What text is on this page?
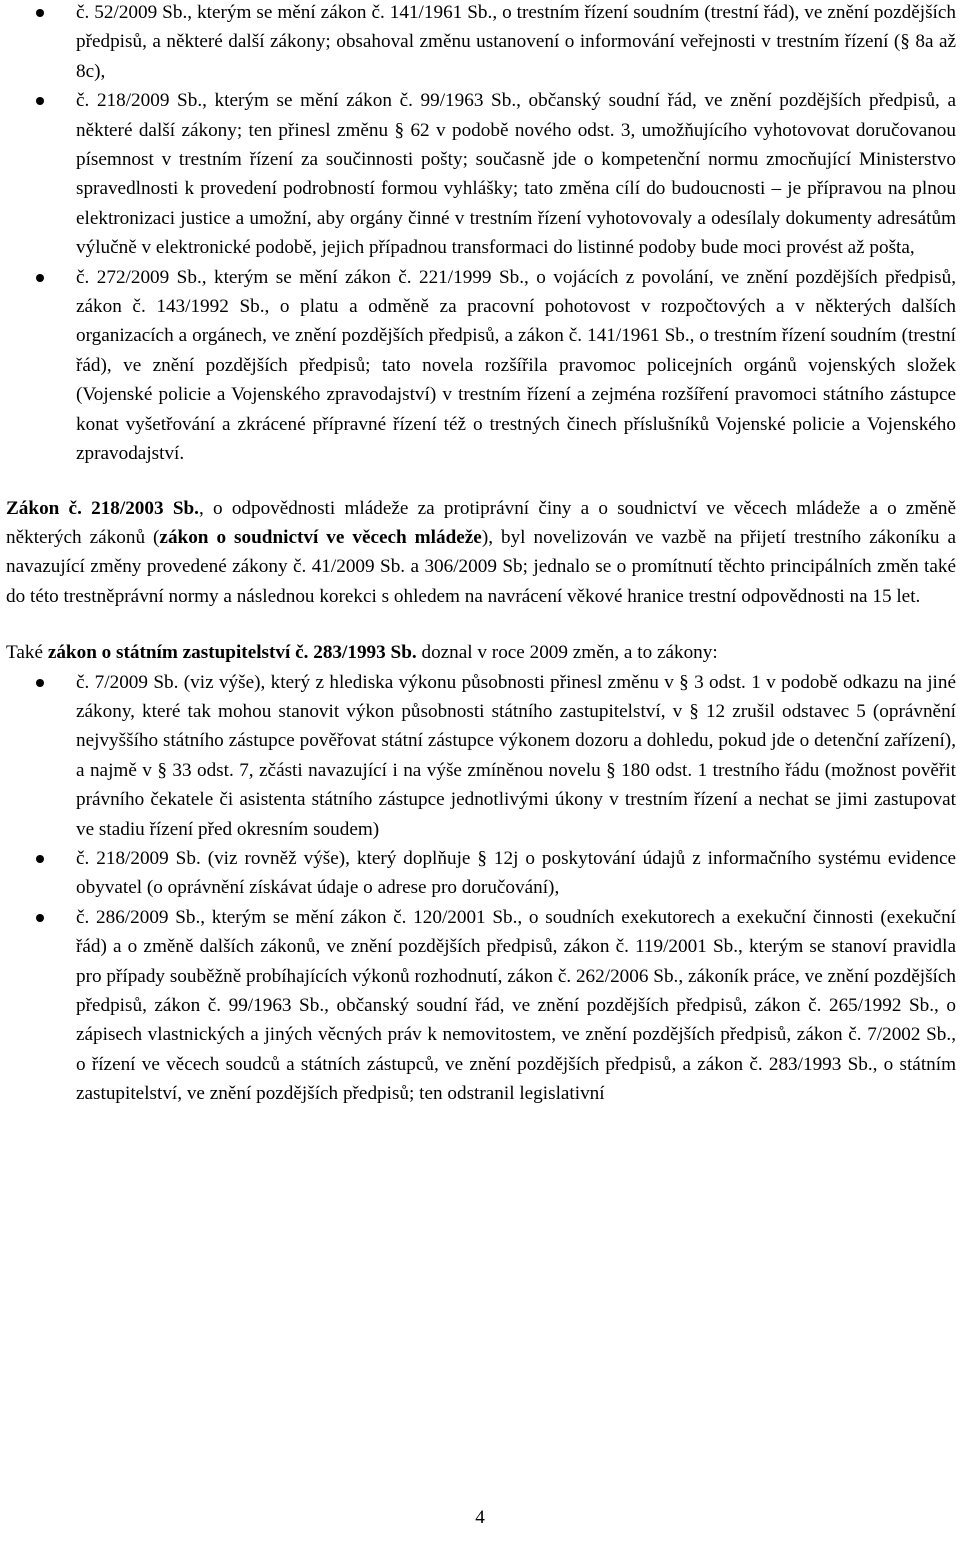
č. 52/2009 Sb., kterým se mění zákon č. 141/1961 Sb., o trestním řízení soudním (trestní řád), ve znění pozdějších předpisů, a některé další zákony; obsahoval změnu ustanovení o informování veřejnosti v trestním řízení (§ 8a až 8c),
č. 218/2009 Sb., kterým se mění zákon č. 99/1963 Sb., občanský soudní řád, ve znění pozdějších předpisů, a některé další zákony; ten přinesl změnu § 62 v podobě nového odst. 3, umožňujícího vyhotovovat doručovanou písemnost v trestním řízení za součinnosti pošty; současně jde o kompetenční normu zmocňující Ministerstvo spravedlnosti k provedení podrobností formou vyhlášky; tato změna cílí do budoucnosti – je přípravou na plnou elektronizaci justice a umožní, aby orgány činné v trestním řízení vyhotovovaly a odesílaly dokumenty adresátům výlučně v elektronické podobě, jejich případnou transformaci do listinné podoby bude moci provést až pošta,
č. 272/2009 Sb., kterým se mění zákon č. 221/1999 Sb., o vojácích z povolání, ve znění pozdějších předpisů, zákon č. 143/1992 Sb., o platu a odměně za pracovní pohotovost v rozpočtových a v některých dalších organizacích a orgánech, ve znění pozdějších předpisů, a zákon č. 141/1961 Sb., o trestním řízení soudním (trestní řád), ve znění pozdějších předpisů; tato novela rozšířila pravomoc policejních orgánů vojenských složek (Vojenské policie a Vojenského zpravodajství) v trestním řízení a zejména rozšíření pravomoci státního zástupce konat vyšetřování a zkrácené přípravné řízení též o trestných činech příslušníků Vojenské policie a Vojenského zpravodajství.

Zákon č. 218/2003 Sb., o odpovědnosti mládeže za protiprávní činy a o soudnictví ve věcech mládeže a o změně některých zákonů (zákon o soudnictví ve věcech mládeže), byl novelizován ve vazbě na přijetí trestního zákoníku a navazující změny provedené zákony č. 41/2009 Sb. a 306/2009 Sb; jednalo se o promítnutí těchto principálních změn také do této trestněprávní normy a následnou korekci s ohledem na navrácení věkové hranice trestní odpovědnosti na 15 let.

Také zákon o státním zastupitelství č. 283/1993 Sb. doznal v roce 2009 změn, a to zákony:

č. 7/2009 Sb. (viz výše), který z hlediska výkonu působnosti přinesl změnu v § 3 odst. 1 v podobě odkazu na jiné zákony, které tak mohou stanovit výkon působnosti státního zastupitelství, v § 12 zrušil odstavec 5 (oprávnění nejvyššího státního zástupce pověřovat státní zástupce výkonem dozoru a dohledu, pokud jde o detenční zařízení), a najmě v § 33 odst. 7, zčásti navazující i na výše zmíněnou novelu § 180 odst. 1 trestního řádu (možnost pověřit právního čekatele či asistenta státního zástupce jednotlivými úkony v trestním řízení a nechat se jimi zastupovat ve stadiu řízení před okresním soudem)
č. 218/2009 Sb. (viz rovněž výše), který doplňuje § 12j o poskytování údajů z informačního systému evidence obyvatel (o oprávnění získávat údaje o adrese pro doručování),
č. 286/2009 Sb., kterým se mění zákon č. 120/2001 Sb., o soudních exekutorech a exekuční činnosti (exekuční řád) a o změně dalších zákonů, ve znění pozdějších předpisů, zákon č. 119/2001 Sb., kterým se stanoví pravidla pro případy souběžně probíhajících výkonů rozhodnutí, zákon č. 262/2006 Sb., zákoník práce, ve znění pozdějších předpisů, zákon č. 99/1963 Sb., občanský soudní řád, ve znění pozdějších předpisů, zákon č. 265/1992 Sb., o zápisech vlastnických a jiných věcných práv k nemovitostem, ve znění pozdějších předpisů, zákon č. 7/2002 Sb., o řízení ve věcech soudců a státních zástupců, ve znění pozdějších předpisů, a zákon č. 283/1993 Sb., o státním zastupitelství, ve znění pozdějších předpisů; ten odstranil legislativní
4
